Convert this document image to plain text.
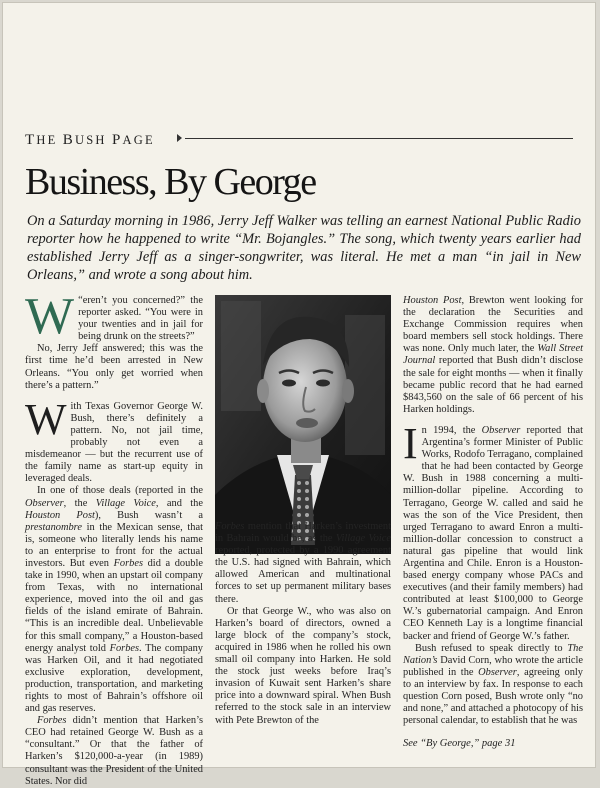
THE BUSH PAGE
Business, By George

On a Saturday morning in 1986, Jerry Jeff Walker was telling an earnest National Public Radio reporter how he happened to write “Mr. Bojangles.” The song, which twenty years earlier had established Jerry Jeff as a singer-songwriter, was literal. He met a man “in jail in New Orleans,” and wrote a song about him.

“
W eren’t you concerned?” the reporter asked. “You were in your twenties and in jail for being drunk on the streets?”

No, Jerry Jeff answered; this was the first time he’d been arrested in New Orleans. “You only get worried when there’s a pattern.”

With Texas Governor George W. Bush, there’s definitely a pattern. No, not jail time, probably not even a misdemeanor — but the recurrent use of the family name as start-up equity in leveraged deals.

In one of those deals (reported in the Observer, the Village Voice, and the Houston Post), Bush wasn’t a prestanombre in the Mexican sense, that is, someone who literally lends his name to an enterprise to front for the actual investors. But even Forbes did a double take in 1990, when an upstart oil company from Texas, with no international experience, moved into the oil and gas fields of the island emirate of Bahrain. “This is an incredible deal. Unbelievable for this small company,” a Houston-based energy analyst told Forbes. The company was Harken Oil, and it had negotiated exclusive exploration, development, production, transportation, and marketing rights to most of Bahrain’s offshore oil and gas reserves.

Forbes didn’t mention that Harken’s CEO had retained George W. Bush as a “consultant.” Or that the father of Harken’s $120,000-a-year (in 1989) consultant was the President of the United States. Nor did

Forbes mention that Harken’s investment in Bahrain would be, as the Village Voice reported, protected by a 1990 agreement the U.S. had signed with Bahrain, which allowed American and multinational forces to set up permanent military bases there.

Or that George W., who was also on Harken’s board of directors, owned a large block of the company’s stock, acquired in 1986 when he rolled his own small oil company into Harken. He sold the stock just weeks before Iraq’s invasion of Kuwait sent Harken’s share price into a downward spiral. When Bush referred to the stock sale in an interview with Pete Brewton of the

Houston Post, Brewton went looking for the declaration the Securities and Exchange Commission requires when board members sell stock holdings. There was none. Only much later, the Wall Street Journal reported that Bush didn’t disclose the sale for eight months — when it finally became public record that he had earned $843,560 on the sale of 66 percent of his Harken holdings.

In 1994, the Observer reported that Argentina’s former Minister of Public Works, Rodofo Terragano, complained that he had been contacted by George W. Bush in 1988 concerning a multi-million-dollar pipeline. According to Terragano, George W. called and said he was the son of the Vice President, then urged Terragano to award Enron a multi-million-dollar concession to construct a natural gas pipeline that would link Argentina and Chile. Enron is a Houston-based energy company whose PACs and executives (and their family members) had contributed at least $100,000 to George W.’s gubernatorial campaign. And Enron CEO Kenneth Lay is a longtime financial backer and friend of George W.’s father.

Bush refused to speak directly to The Nation’s David Corn, who wrote the article published in the Observer, agreeing only to an interview by fax. In response to each question Corn posed, Bush wrote only “no and none,” and attached a photocopy of his personal calendar, to establish that he was

See “By George,” page 31
